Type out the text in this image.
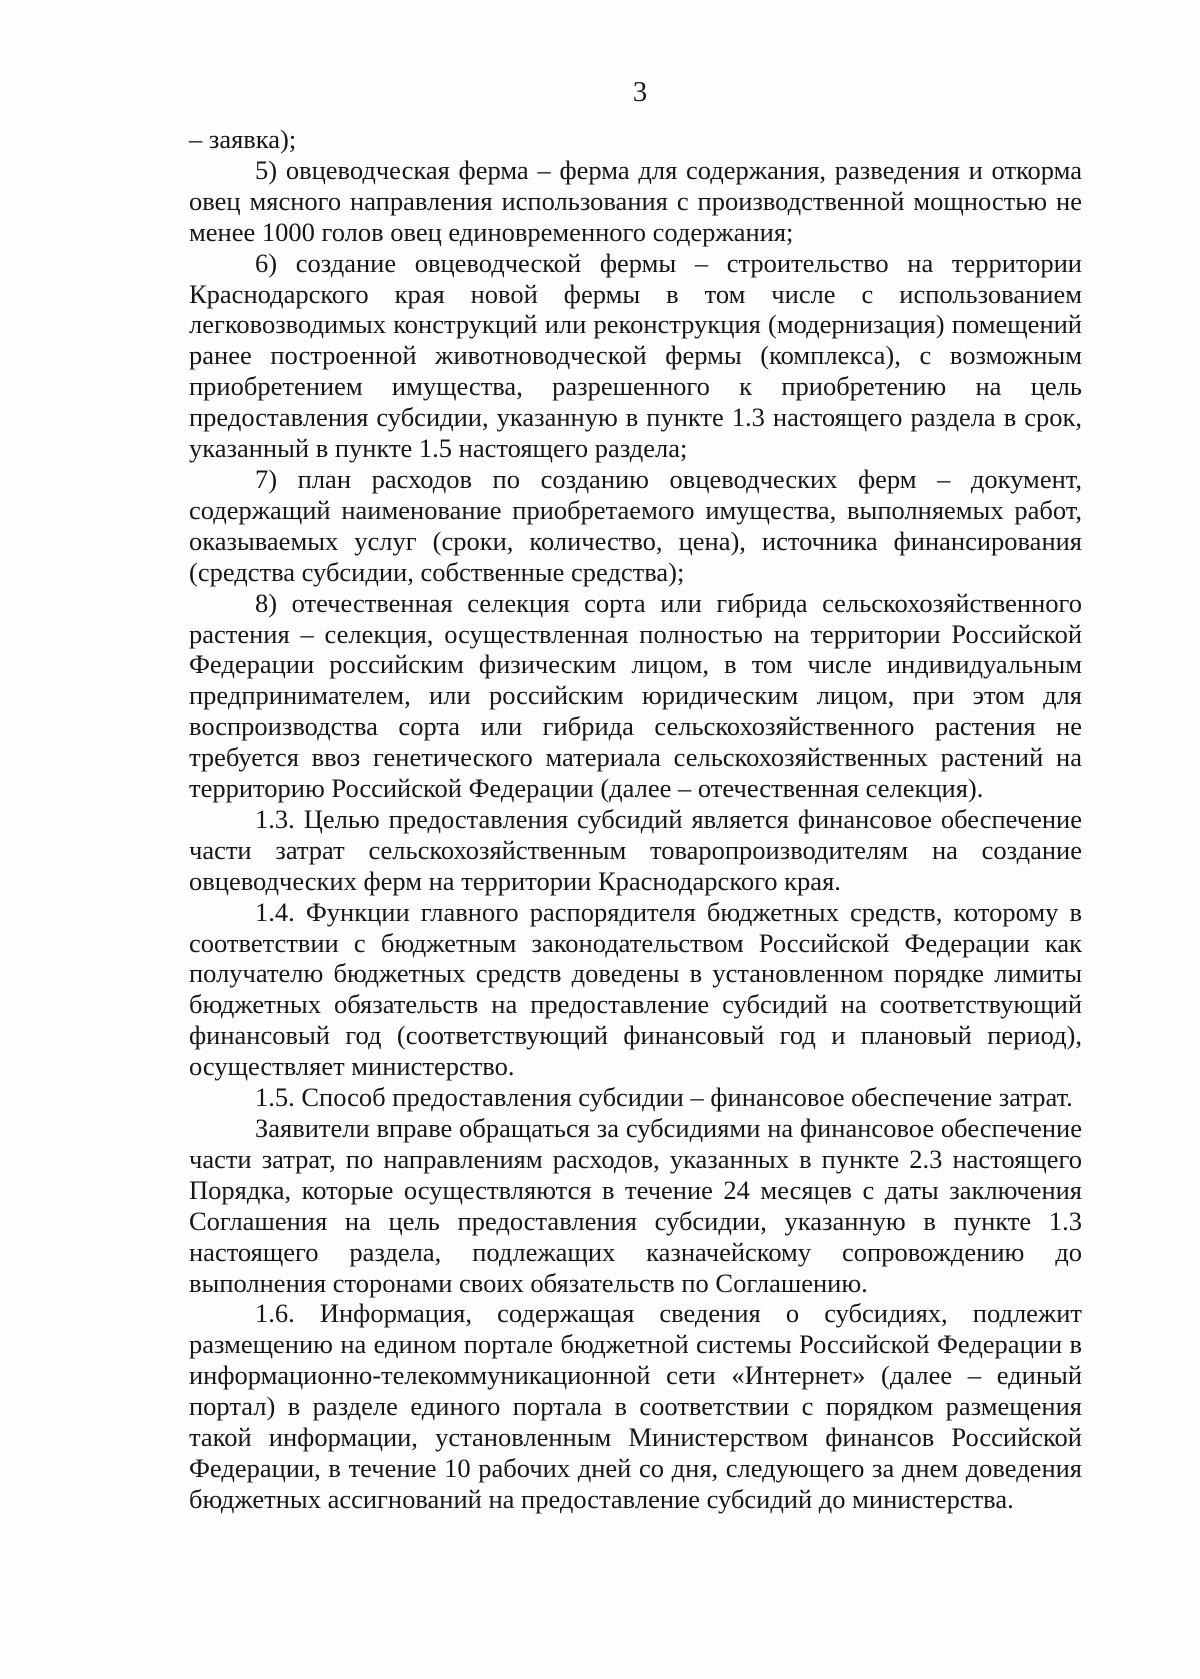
3

– заявка);

5) овцеводческая ферма – ферма для содержания, разведения и откорма овец мясного направления использования с производственной мощностью не менее 1000 голов овец единовременного содержания;

6) создание овцеводческой фермы – строительство на территории Краснодарского края новой фермы в том числе с использованием легковозводимых конструкций или реконструкция (модернизация) помещений ранее построенной животноводческой фермы (комплекса), с возможным приобретением имущества, разрешенного к приобретению на цель предоставления субсидии, указанную в пункте 1.3 настоящего раздела в срок, указанный в пункте 1.5 настоящего раздела;

7) план расходов по созданию овцеводческих ферм – документ, содержащий наименование приобретаемого имущества, выполняемых работ, оказываемых услуг (сроки, количество, цена), источника финансирования (средства субсидии, собственные средства);

8) отечественная селекция сорта или гибрида сельскохозяйственного растения – селекция, осуществленная полностью на территории Российской Федерации российским физическим лицом, в том числе индивидуальным предпринимателем, или российским юридическим лицом, при этом для воспроизводства сорта или гибрида сельскохозяйственного растения не требуется ввоз генетического материала сельскохозяйственных растений на территорию Российской Федерации (далее – отечественная селекция).

1.3. Целью предоставления субсидий является финансовое обеспечение части затрат сельскохозяйственным товаропроизводителям на создание овцеводческих ферм на территории Краснодарского края.

1.4. Функции главного распорядителя бюджетных средств, которому в соответствии с бюджетным законодательством Российской Федерации как получателю бюджетных средств доведены в установленном порядке лимиты бюджетных обязательств на предоставление субсидий на соответствующий финансовый год (соответствующий финансовый год и плановый период), осуществляет министерство.

1.5. Способ предоставления субсидии – финансовое обеспечение затрат.

Заявители вправе обращаться за субсидиями на финансовое обеспечение части затрат, по направлениям расходов, указанных в пункте 2.3 настоящего Порядка, которые осуществляются в течение 24 месяцев с даты заключения Соглашения на цель предоставления субсидии, указанную в пункте 1.3 настоящего раздела, подлежащих казначейскому сопровождению до выполнения сторонами своих обязательств по Соглашению.

1.6. Информация, содержащая сведения о субсидиях, подлежит размещению на едином портале бюджетной системы Российской Федерации в информационно-телекоммуникационной сети «Интернет» (далее – единый портал) в разделе единого портала в соответствии с порядком размещения такой информации, установленным Министерством финансов Российской Федерации, в течение 10 рабочих дней со дня, следующего за днем доведения бюджетных ассигнований на предоставление субсидий до министерства.
